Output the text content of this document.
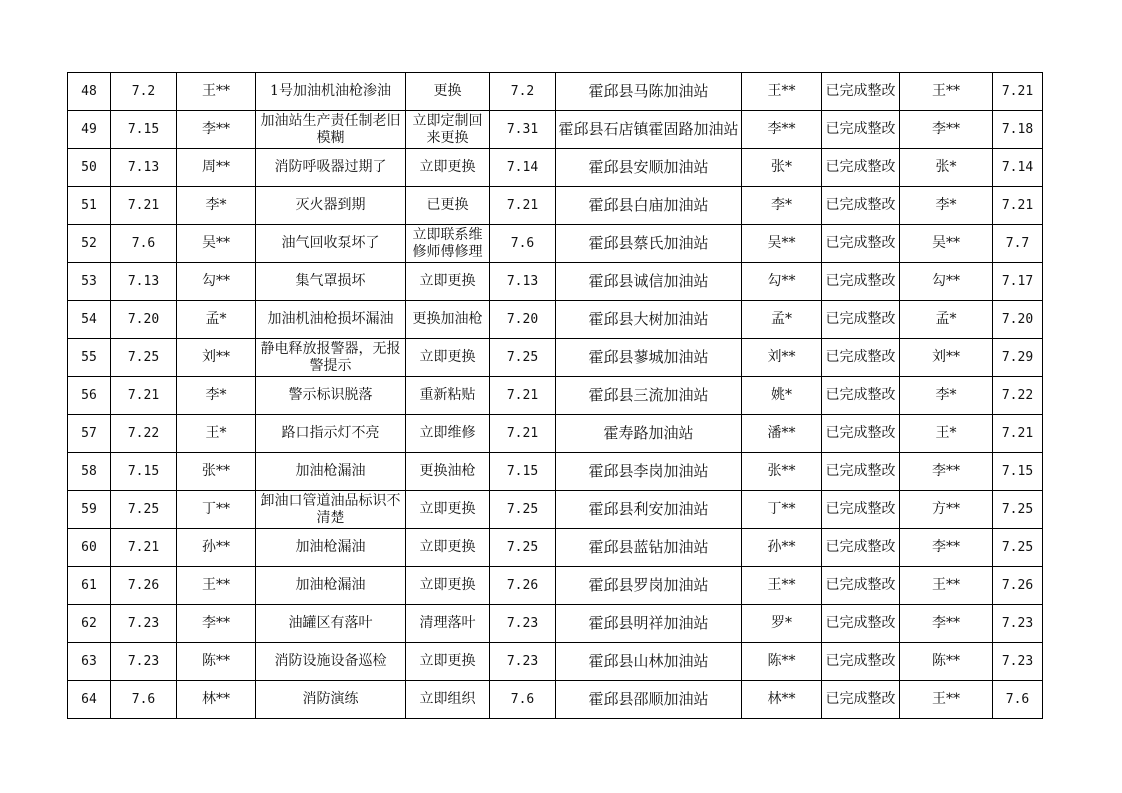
48	7.2	王**	1号加油机油枪渗油	更换	7.2	霍邱县马陈加油站	王**	已完成整改	王**	7.21
49	7.15	李**	加油站生产责任制老旧模糊	立即定制回来更换	7.31	霍邱县石店镇霍固路加油站	李**	已完成整改	李**	7.18
50	7.13	周**	消防呼吸器过期了	立即更换	7.14	霍邱县安顺加油站	张*	已完成整改	张*	7.14
51	7.21	李*	灭火器到期	已更换	7.21	霍邱县白庙加油站	李*	已完成整改	李*	7.21
52	7.6	吴**	油气回收泵坏了	立即联系维修师傅修理	7.6	霍邱县蔡氏加油站	吴**	已完成整改	吴**	7.7
53	7.13	勾**	集气罩损坏	立即更换	7.13	霍邱县诚信加油站	勾**	已完成整改	勾**	7.17
54	7.20	孟*	加油机油枪损坏漏油	更换加油枪	7.20	霍邱县大树加油站	孟*	已完成整改	孟*	7.20
55	7.25	刘**	静电释放报警器，无报警提示	立即更换	7.25	霍邱县蓼城加油站	刘**	已完成整改	刘**	7.29
56	7.21	李*	警示标识脱落	重新粘贴	7.21	霍邱县三流加油站	姚*	已完成整改	李*	7.22
57	7.22	王*	路口指示灯不亮	立即维修	7.21	霍寿路加油站	潘**	已完成整改	王*	7.21
58	7.15	张**	加油枪漏油	更换油枪	7.15	霍邱县李岗加油站	张**	已完成整改	李**	7.15
59	7.25	丁**	卸油口管道油品标识不清楚	立即更换	7.25	霍邱县利安加油站	丁**	已完成整改	方**	7.25
60	7.21	孙**	加油枪漏油	立即更换	7.25	霍邱县蓝钻加油站	孙**	已完成整改	李**	7.25
61	7.26	王**	加油枪漏油	立即更换	7.26	霍邱县罗岗加油站	王**	已完成整改	王**	7.26
62	7.23	李**	油罐区有落叶	清理落叶	7.23	霍邱县明祥加油站	罗*	已完成整改	李**	7.23
63	7.23	陈**	消防设施设备巡检	立即更换	7.23	霍邱县山林加油站	陈**	已完成整改	陈**	7.23
64	7.6	林**	消防演练	立即组织	7.6	霍邱县邵顺加油站	林**	已完成整改	王**	7.6
